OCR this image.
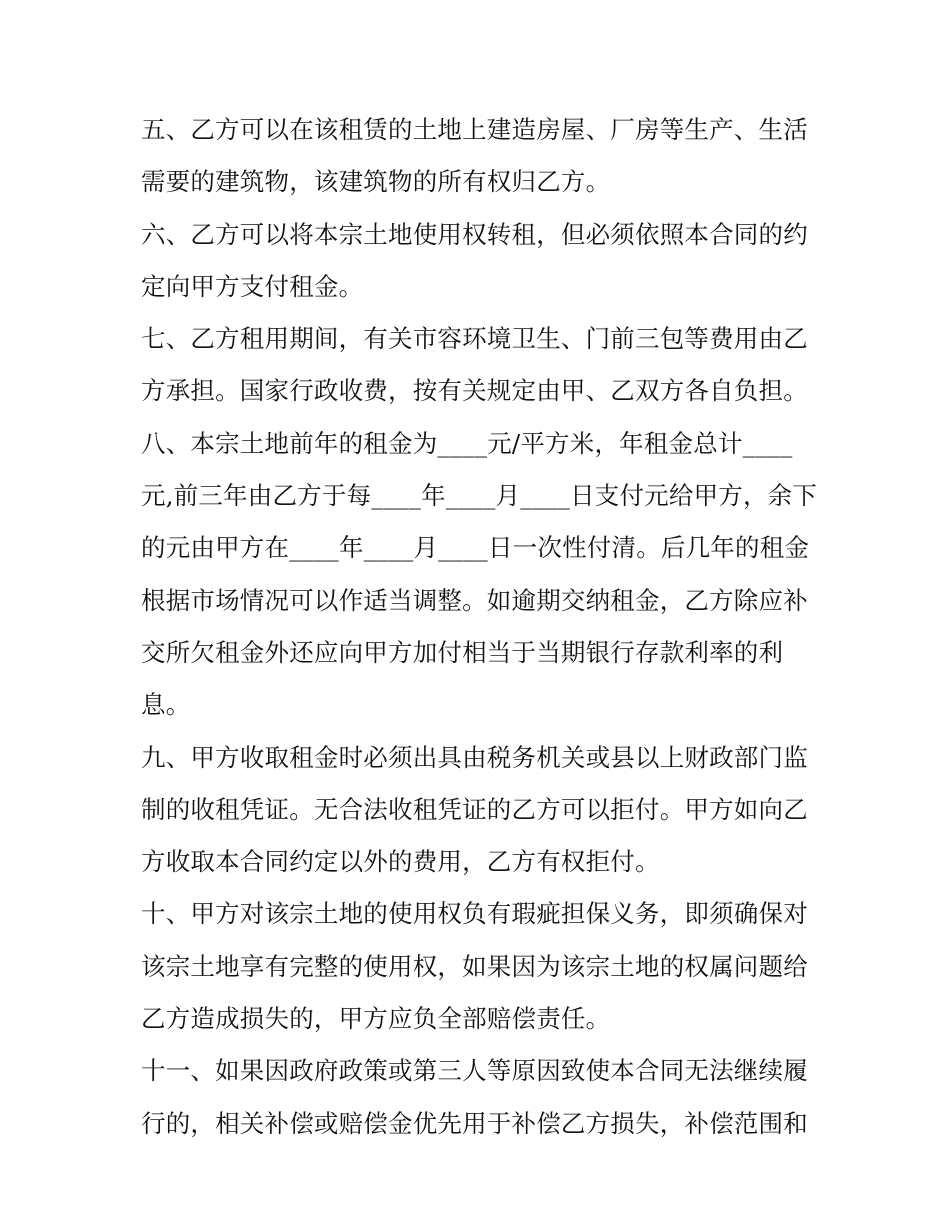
五、乙方可以在该租赁的土地上建造房屋、厂房等生产、生活
需要的建筑物，该建筑物的所有权归乙方。
六、乙方可以将本宗土地使用权转租，但必须依照本合同的约
定向甲方支付租金。
七、乙方租用期间，有关市容环境卫生、门前三包等费用由乙
方承担。国家行政收费，按有关规定由甲、乙双方各自负担。
八、本宗土地前年的租金为____元/平方米，年租金总计____
元,前三年由乙方于每____年____月____日支付元给甲方，余下
的元由甲方在____年____月____日一次性付清。后几年的租金
根据市场情况可以作适当调整。如逾期交纳租金，乙方除应补
交所欠租金外还应向甲方加付相当于当期银行存款利率的利
息。
九、甲方收取租金时必须出具由税务机关或县以上财政部门监
制的收租凭证。无合法收租凭证的乙方可以拒付。甲方如向乙
方收取本合同约定以外的费用，乙方有权拒付。
十、甲方对该宗土地的使用权负有瑕疵担保义务，即须确保对
该宗土地享有完整的使用权，如果因为该宗土地的权属问题给
乙方造成损失的，甲方应负全部赔偿责任。
十一、如果因政府政策或第三人等原因致使本合同无法继续履
行的，相关补偿或赔偿金优先用于补偿乙方损失，补偿范围和
